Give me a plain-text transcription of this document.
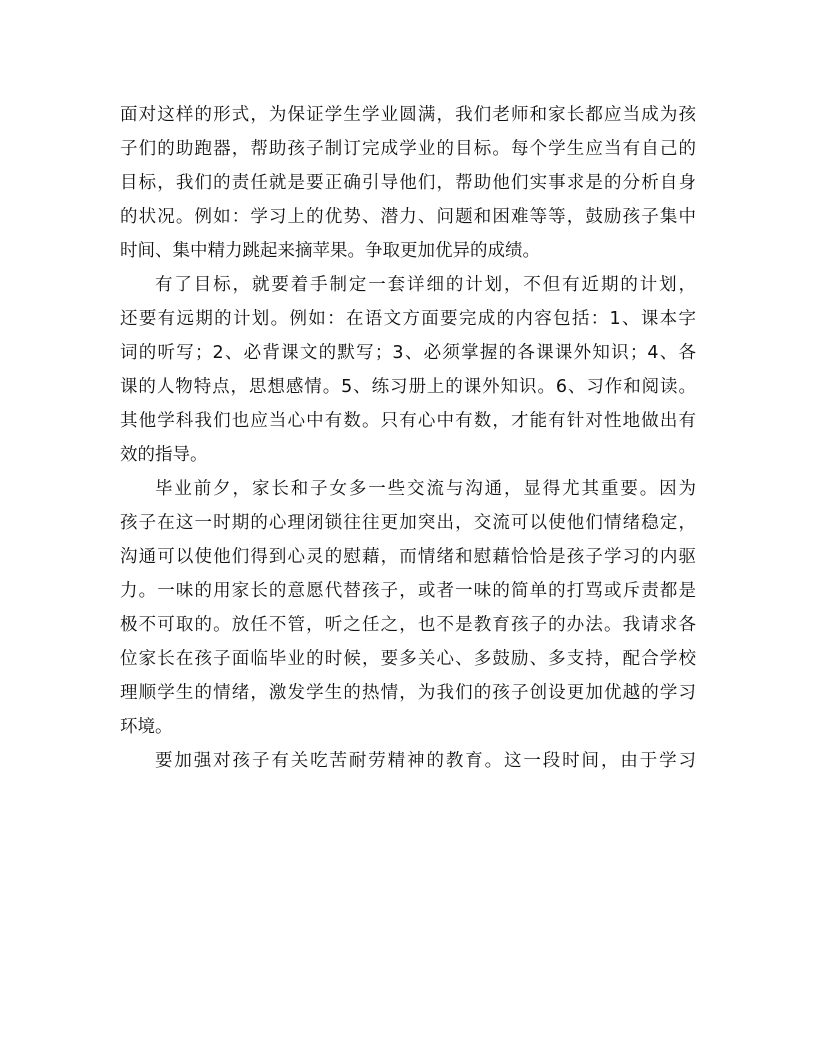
面对这样的形式，为保证学生学业圆满，我们老师和家长都应当成为孩
子们的助跑器，帮助孩子制订完成学业的目标。每个学生应当有自己的
目标，我们的责任就是要正确引导他们，帮助他们实事求是的分析自身
的状况。例如：学习上的优势、潜力、问题和困难等等，鼓励孩子集中
时间、集中精力跳起来摘苹果。争取更加优异的成绩。
有了目标，就要着手制定一套详细的计划，不但有近期的计划，
还要有远期的计划。例如：在语文方面要完成的内容包括：1、课本字
词的听写；2、必背课文的默写；3、必须掌握的各课课外知识；4、各
课的人物特点，思想感情。5、练习册上的课外知识。6、习作和阅读。
其他学科我们也应当心中有数。只有心中有数，才能有针对性地做出有
效的指导。
毕业前夕，家长和子女多一些交流与沟通，显得尤其重要。因为
孩子在这一时期的心理闭锁往往更加突出，交流可以使他们情绪稳定，
沟通可以使他们得到心灵的慰藉，而情绪和慰藉恰恰是孩子学习的内驱
力。一味的用家长的意愿代替孩子，或者一味的简单的打骂或斥责都是
极不可取的。放任不管，听之任之，也不是教育孩子的办法。我请求各
位家长在孩子面临毕业的时候，要多关心、多鼓励、多支持，配合学校
理顺学生的情绪，激发学生的热情，为我们的孩子创设更加优越的学习
环境。
要加强对孩子有关吃苦耐劳精神的教育。这一段时间，由于学习
